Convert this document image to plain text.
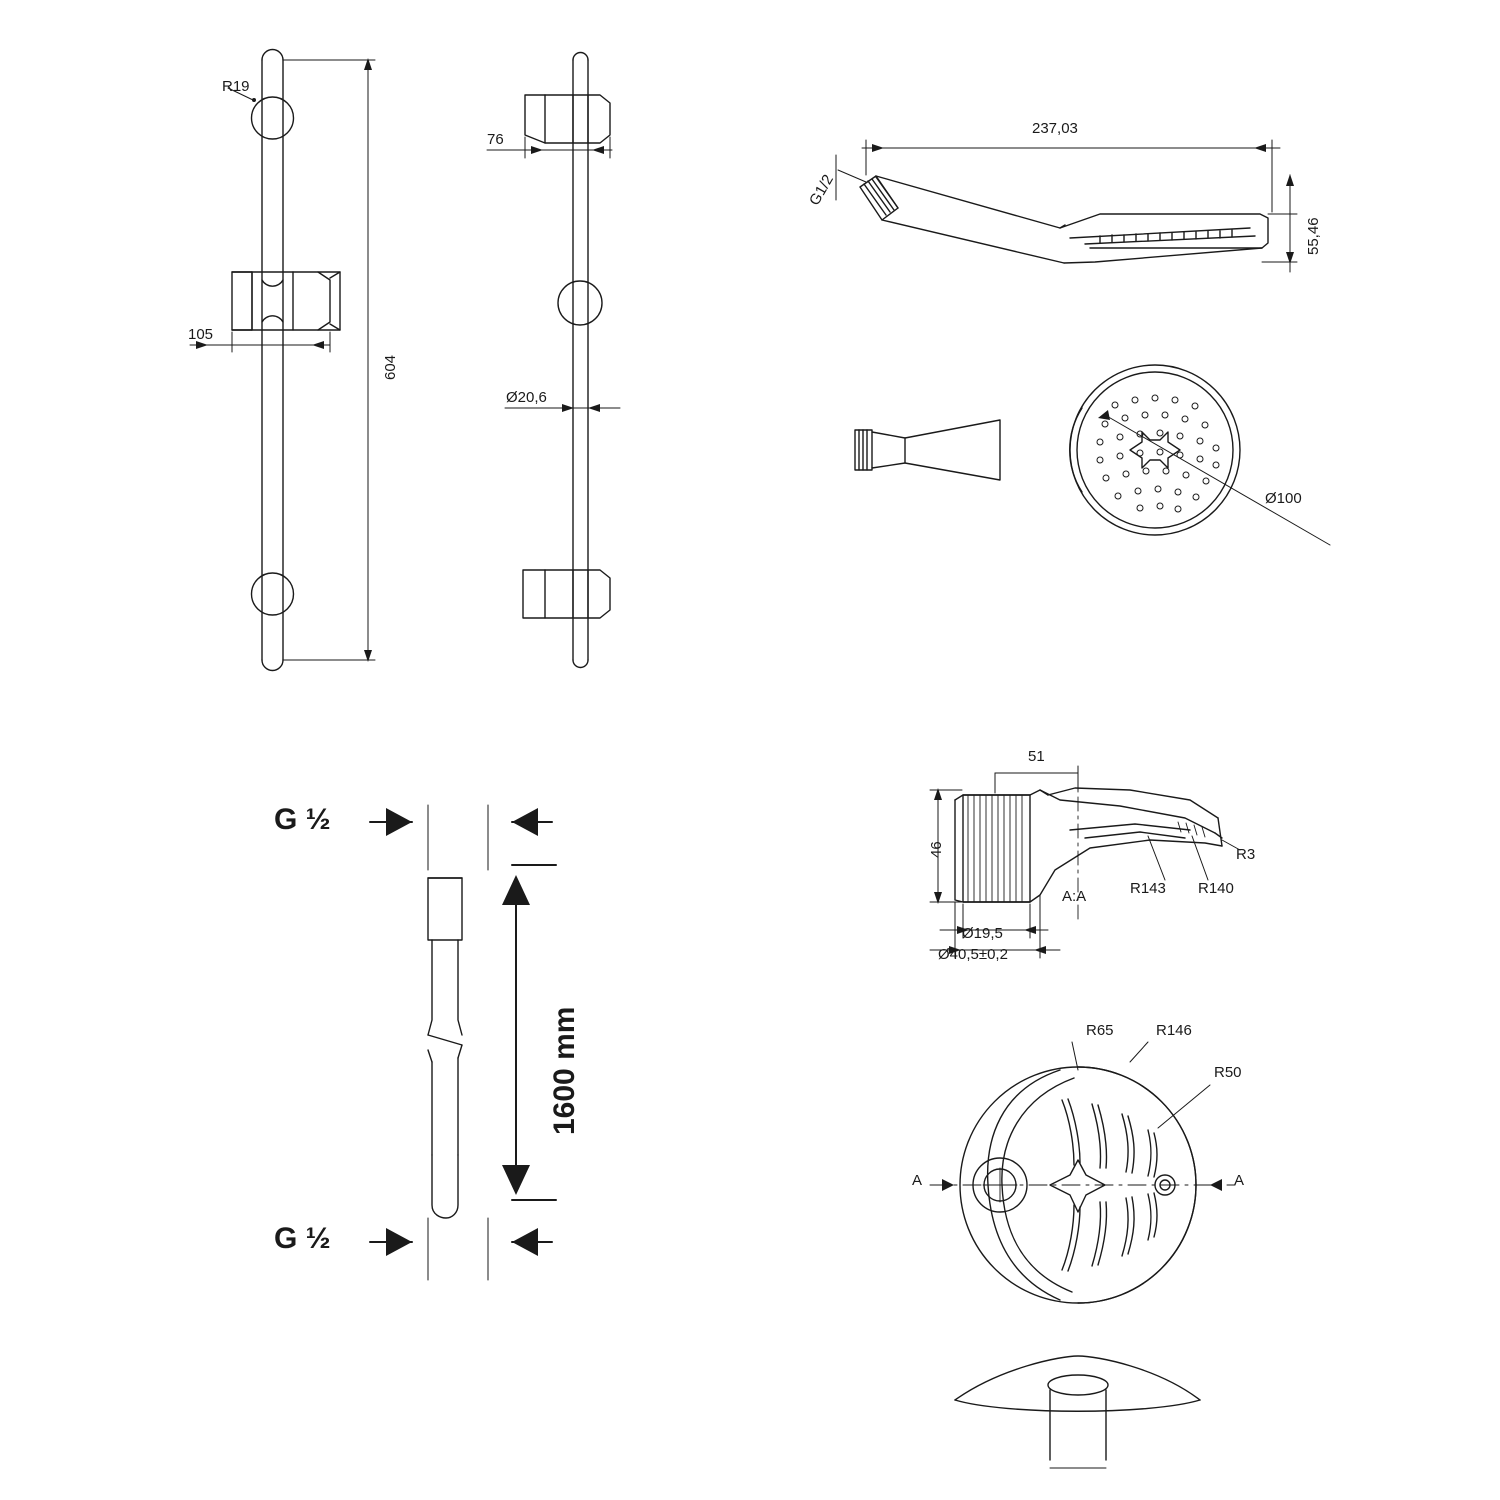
R19
105
604
76
Ø20,6
237,03
55,46
G1/2
Ø100
51
46
Ø19,5
Ø40,5±0,2
A:A
R3
R143 R140
R65	R146
R50
A	A
G ½
G ½
1600 mm
